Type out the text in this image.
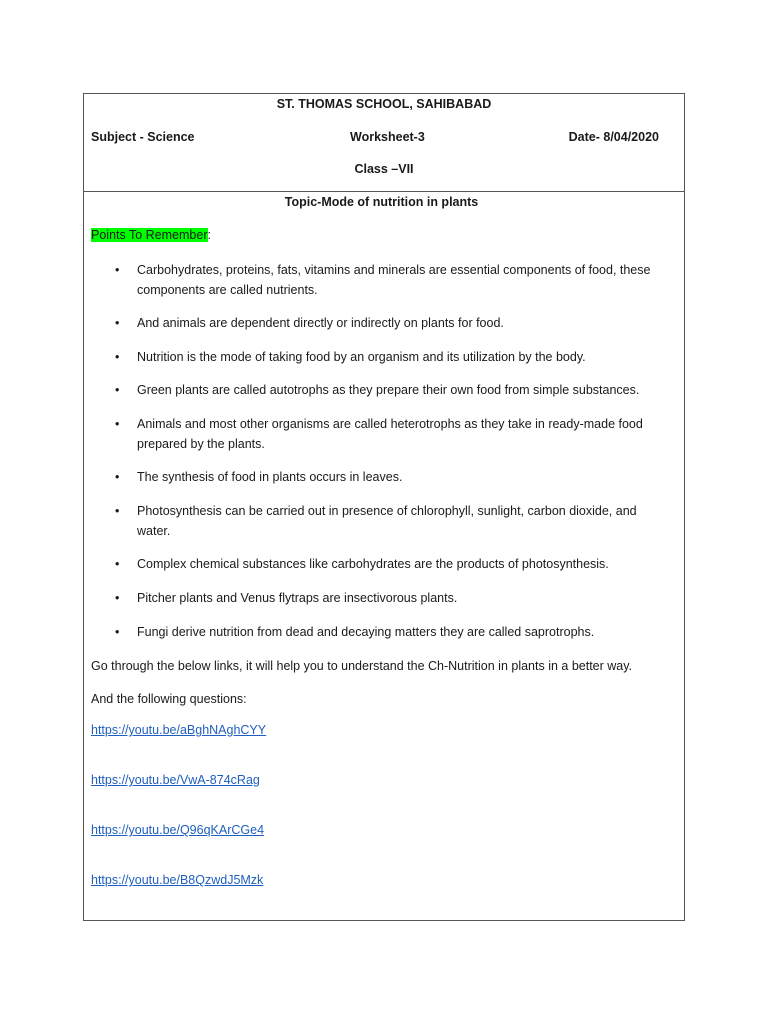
ST. THOMAS SCHOOL, SAHIBABAD
Subject - Science	Worksheet-3	Date- 8/04/2020
Class –VII
Topic-Mode of nutrition in plants
Points To Remember:
• Carbohydrates, proteins, fats, vitamins and minerals are essential components of food, these components are called nutrients.
• And animals are dependent directly or indirectly on plants for food.
• Nutrition is the mode of taking food by an organism and its utilization by the body.
• Green plants are called autotrophs as they prepare their own food from simple substances.
• Animals and most other organisms are called heterotrophs as they take in ready-made food prepared by the plants.
• The synthesis of food in plants occurs in leaves.
• Photosynthesis can be carried out in presence of chlorophyll, sunlight, carbon dioxide, and water.
• Complex chemical substances like carbohydrates are the products of photosynthesis.
• Pitcher plants and Venus flytraps are insectivorous plants.
• Fungi derive nutrition from dead and decaying matters they are called saprotrophs.
Go through the below links, it will help you to understand the Ch-Nutrition in plants in a better way.
And the following questions:
https://youtu.be/aBghNAghCYY
https://youtu.be/VwA-874cRag
https://youtu.be/Q96qKArCGe4
https://youtu.be/B8QzwdJ5Mzk
